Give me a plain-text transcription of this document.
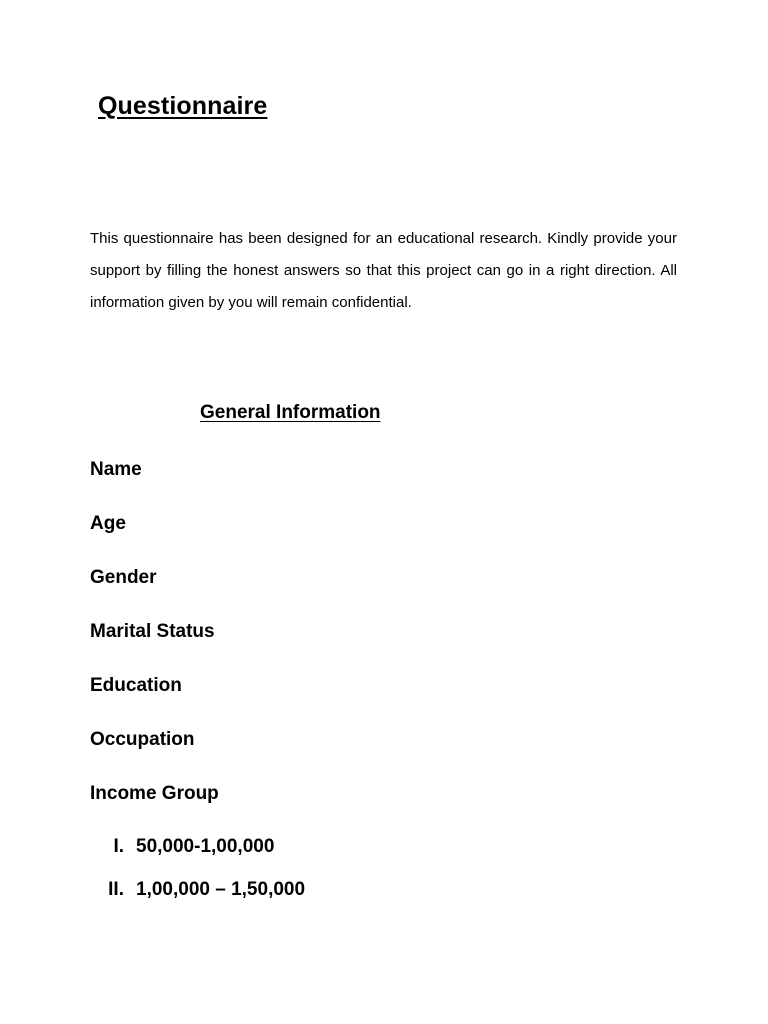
Questionnaire

This questionnaire has been designed for an educational research. Kindly provide your support by filling the honest answers so that this project can go in a right direction. All information given by you will remain confidential.

General Information
Name
Age
Gender
Marital Status
Education
Occupation
Income Group
I. 50,000-1,00,000
II. 1,00,000 – 1,50,000
